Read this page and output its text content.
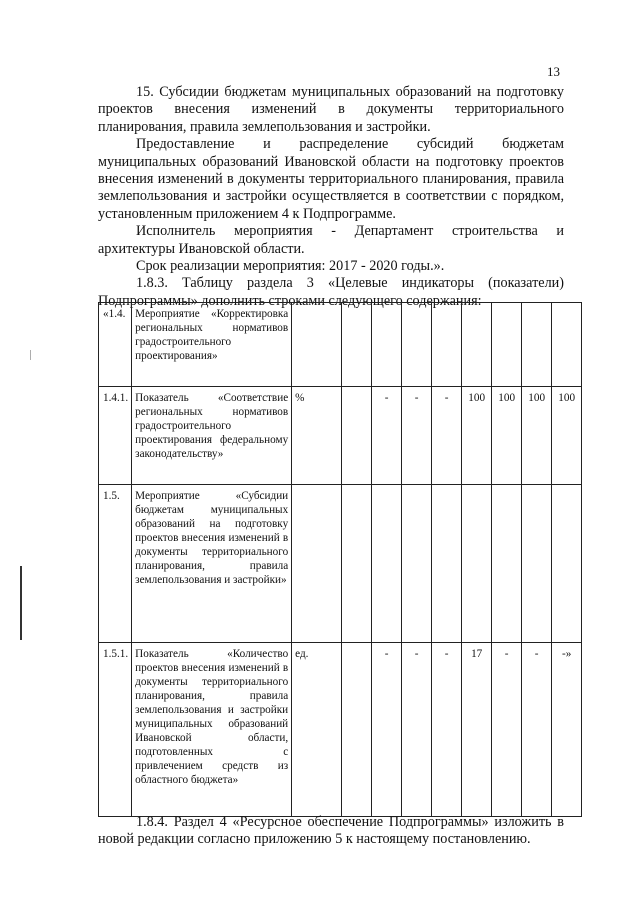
13

15. Субсидии бюджетам муниципальных образований на подготовку проектов внесения изменений в документы территориального планирования, правила землепользования и застройки.

Предоставление и распределение субсидий бюджетам муниципальных образований Ивановской области на подготовку проектов внесения изменений в документы территориального планирования, правила землепользования и застройки осуществляется в соответствии с порядком, установленным приложением 4 к Подпрограмме.

Исполнитель мероприятия - Департамент строительства и архитектуры Ивановской области.

Срок реализации мероприятия: 2017 - 2020 годы.».

1.8.3. Таблицу раздела 3 «Целевые индикаторы (показатели) Подпрограммы» дополнить строками следующего содержания:

«1.4.	Мероприятие «Корректировка региональных нормативов градостроительного проектирования»									
1.4.1.	Показатель «Соответствие региональных нормативов градостроительного проектирования федеральному законодательству»	%		-	-	-	100	100	100	100
1.5.	Мероприятие «Субсидии бюджетам муниципальных образований на подготовку проектов внесения изменений в документы территориального планирования, правила землепользования и застройки»									
1.5.1.	Показатель «Количество проектов внесения изменений в документы территориального планирования, правила землепользования и застройки муниципальных образований Ивановской области, подготовленных с привлечением средств из областного бюджета»	ед.		-	-	-	17	-	-	-»

1.8.4. Раздел 4 «Ресурсное обеспечение Подпрограммы» изложить в новой редакции согласно приложению 5 к настоящему постановлению.
